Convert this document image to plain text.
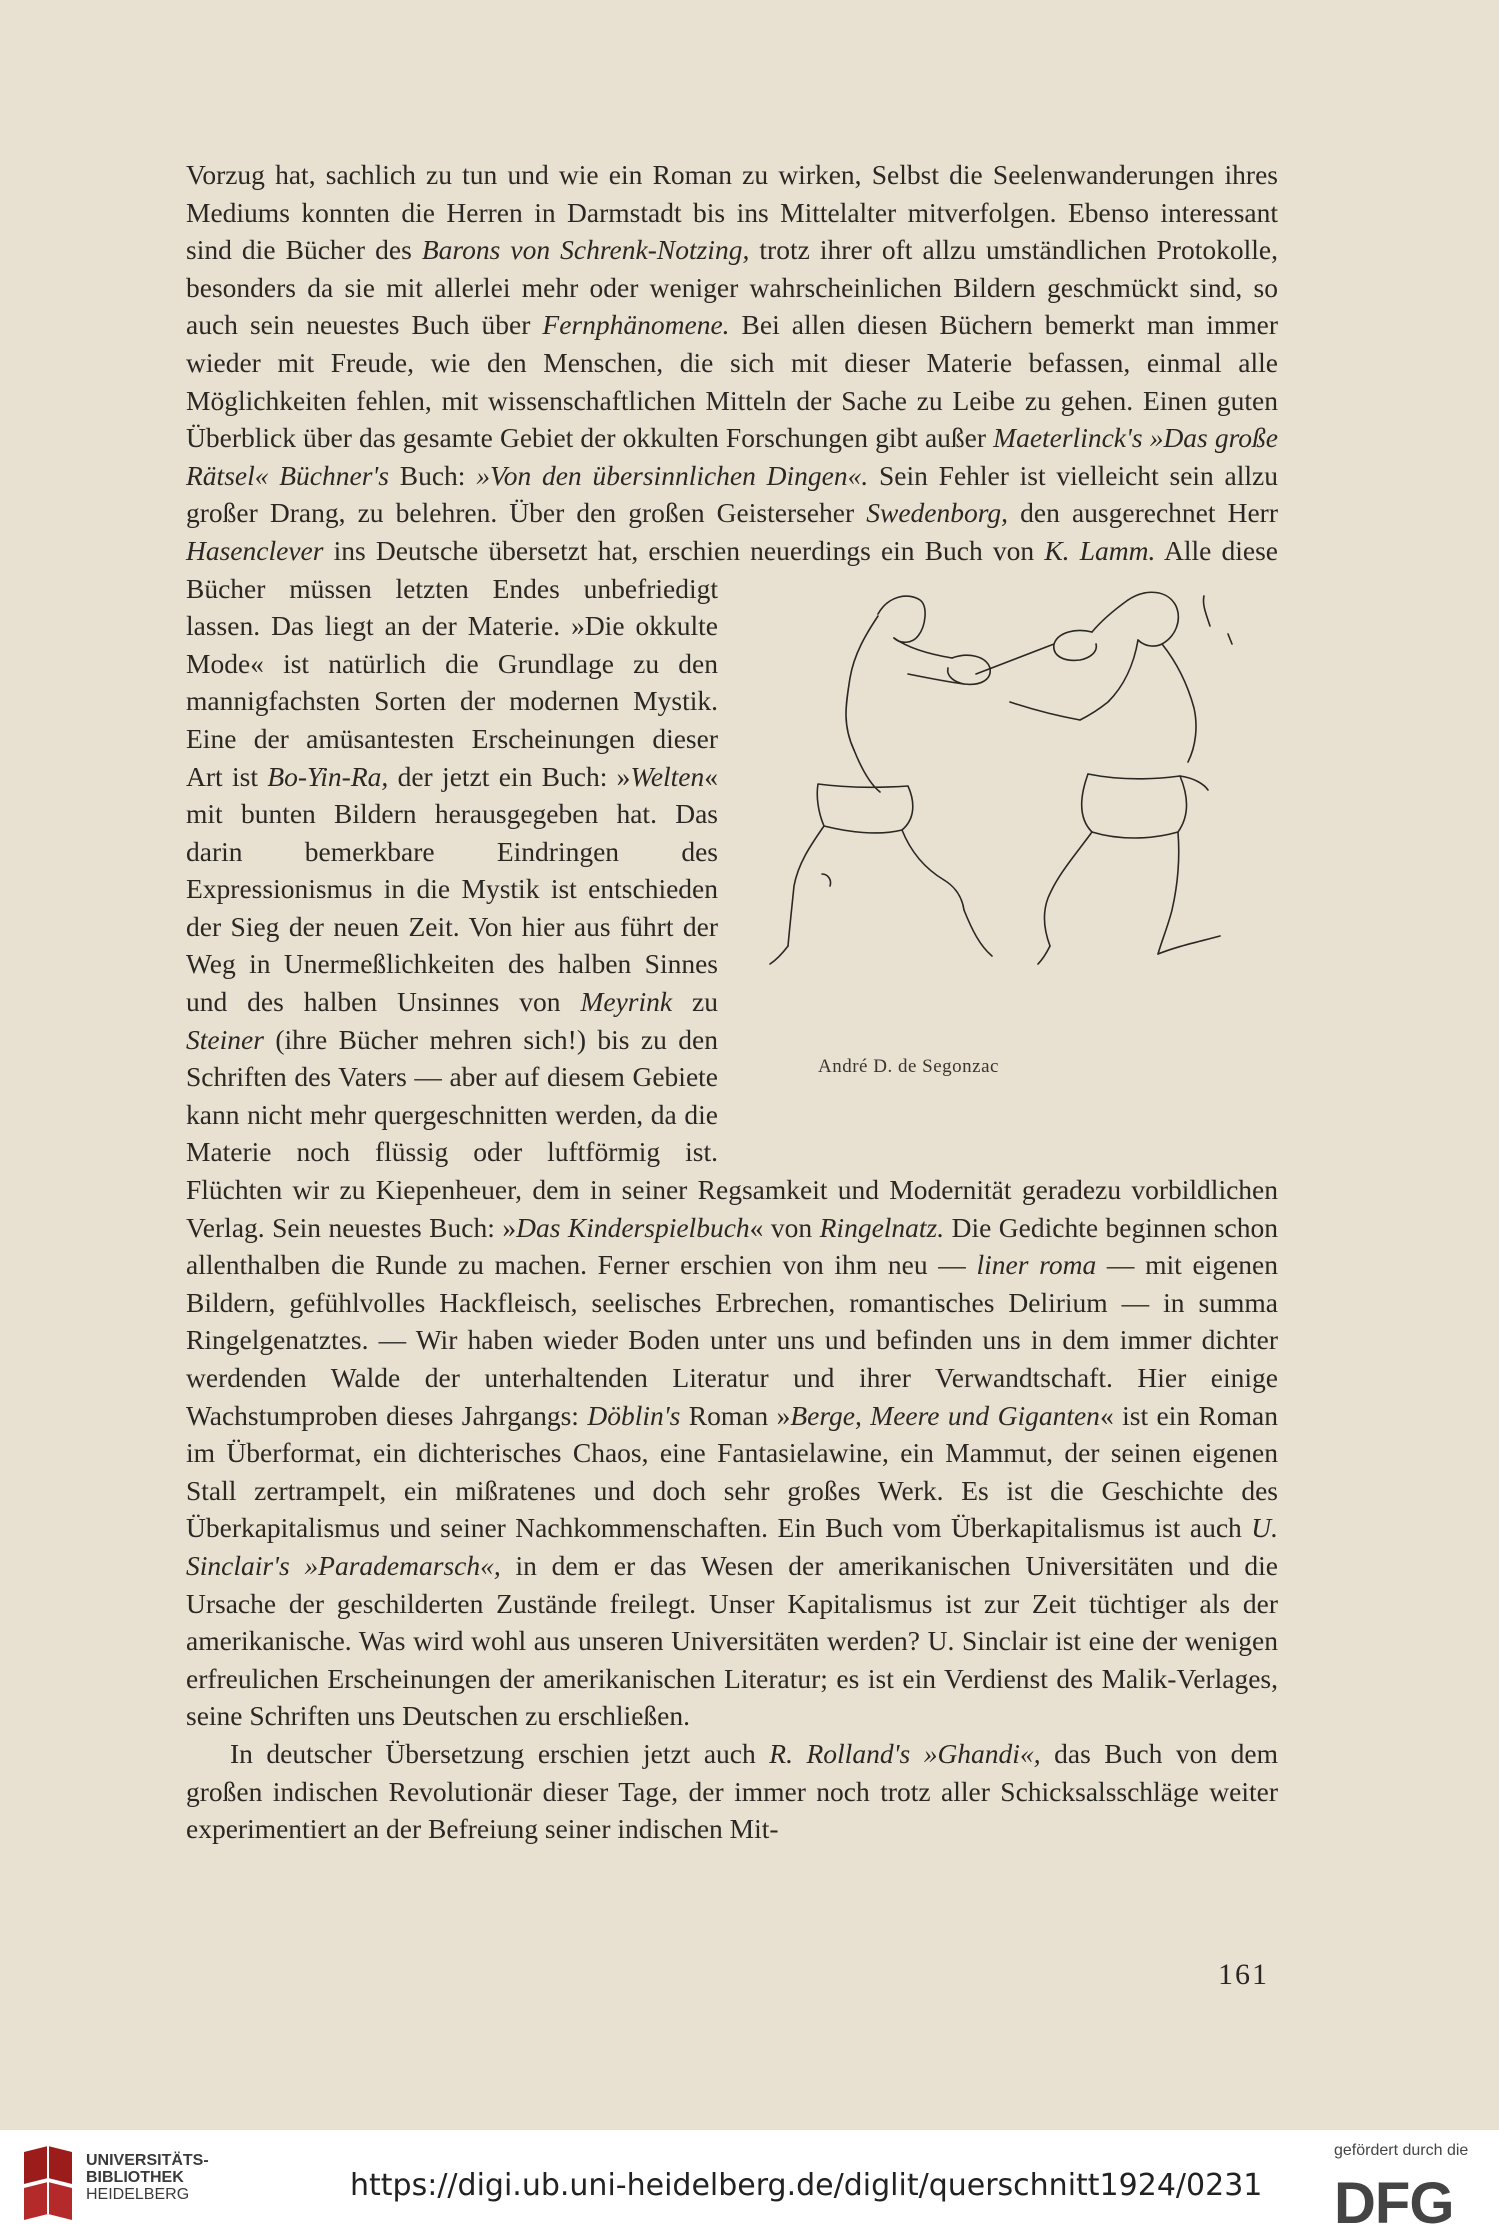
Vorzug hat, sachlich zu tun und wie ein Roman zu wirken, Selbst die Seelenwanderungen ihres Mediums konnten die Herren in Darmstadt bis ins Mittelalter mitverfolgen. Ebenso interessant sind die Bücher des Barons von Schrenk-Notzing, trotz ihrer oft allzu umständlichen Protokolle, besonders da sie mit allerlei mehr oder weniger wahrscheinlichen Bildern geschmückt sind, so auch sein neuestes Buch über Fernphänomene. Bei allen diesen Büchern bemerkt man immer wieder mit Freude, wie den Menschen, die sich mit dieser Materie befassen, einmal alle Möglichkeiten fehlen, mit wissenschaftlichen Mitteln der Sache zu Leibe zu gehen. Einen guten Überblick über das gesamte Gebiet der okkulten Forschungen gibt außer Maeterlinck's »Das große Rätsel« Büchner's Buch: »Von den übersinnlichen Dingen«. Sein Fehler ist vielleicht sein allzu großer Drang, zu belehren. Über den großen Geisterseher Swedenborg, den ausgerechnet Herr Hasenclever ins Deutsche übersetzt hat, erschien neuerdings ein Buch von K. Lamm.
André D. de Segonzac
Alle diese Bücher müssen letzten Endes unbefriedigt lassen. Das liegt an der Materie. »Die okkulte Mode« ist natürlich die Grundlage zu den mannigfachsten Sorten der modernen Mystik. Eine der amüsantesten Erscheinungen dieser Art ist Bo-Yin-Ra, der jetzt ein Buch: »Welten« mit bunten Bildern herausgegeben hat. Das darin bemerkbare Eindringen des Expressionismus in die Mystik ist entschieden der Sieg der neuen Zeit. Von hier aus führt der Weg in Unermeßlichkeiten des halben Sinnes und des halben Unsinnes von Meyrink zu Steiner (ihre Bücher mehren sich!) bis zu den Schriften des Vaters — aber auf diesem Gebiete kann nicht mehr quergeschnitten werden, da die Materie noch flüssig oder luftförmig ist. Flüchten wir zu Kiepenheuer, dem in seiner Regsamkeit und Modernität geradezu vorbildlichen Verlag. Sein neuestes Buch: »Das Kinderspielbuch« von Ringelnatz. Die Gedichte beginnen schon allenthalben die Runde zu machen. Ferner erschien von ihm neu — liner roma — mit eigenen Bildern, gefühlvolles Hackfleisch, seelisches Erbrechen, romantisches Delirium — in summa Ringelgenatztes. — Wir haben wieder Boden unter uns und befinden uns in dem immer dichter werdenden Walde der unterhaltenden Literatur und ihrer Verwandtschaft. Hier einige Wachstumproben dieses Jahrgangs: Döblin's Roman »Berge, Meere und Giganten« ist ein Roman im Überformat, ein dichterisches Chaos, eine Fantasielawine, ein Mammut, der seinen eigenen Stall zertrampelt, ein mißratenes und doch sehr großes Werk. Es ist die Geschichte des Überkapitalismus und seiner Nachkommenschaften. Ein Buch vom Überkapitalismus ist auch U. Sinclair's »Parademarsch«, in dem er das Wesen der amerikanischen Universitäten und die Ursache der geschilderten Zustände freilegt. Unser Kapitalismus ist zur Zeit tüchtiger als der amerikanische. Was wird wohl aus unseren Universitäten werden? U. Sinclair ist eine der wenigen erfreulichen Erscheinungen der amerikanischen Literatur; es ist ein Verdienst des Malik-Verlages, seine Schriften uns Deutschen zu erschließen.

In deutscher Übersetzung erschien jetzt auch R. Rolland's »Ghandi«, das Buch von dem großen indischen Revolutionär dieser Tage, der immer noch trotz aller Schicksalsschläge weiter experimentiert an der Befreiung seiner indischen Mit-

161
UNIVERSITÄTS-
BIBLIOTHEK
HEIDELBERG	https://digi.ub.uni-heidelberg.de/diglit/querschnitt1924/0231
gefördert durch die
DFG
